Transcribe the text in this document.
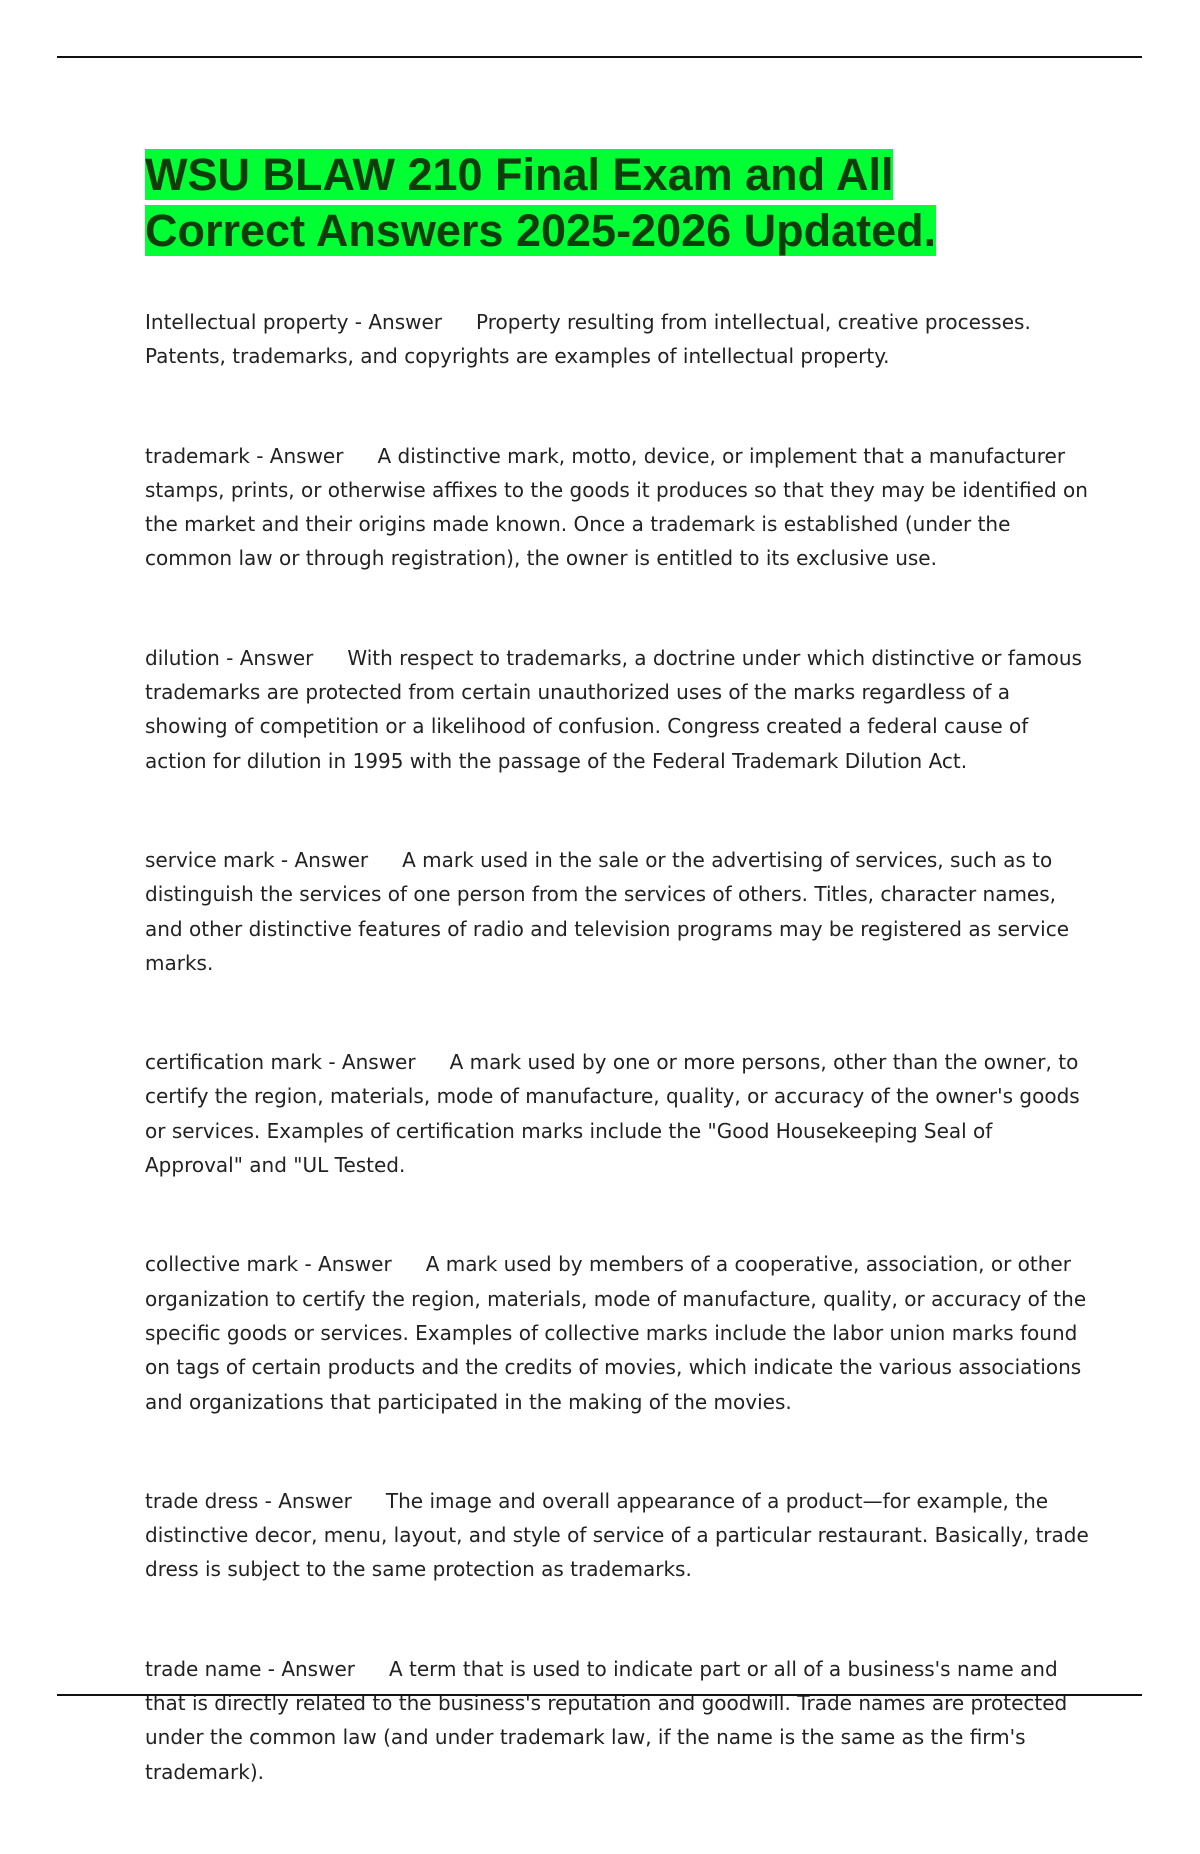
WSU BLAW 210 Final Exam and All Correct Answers 2025-2026 Updated.

Intellectual property - Answer Property resulting from intellectual, creative processes. Patents, trademarks, and copyrights are examples of intellectual property.

trademark - Answer A distinctive mark, motto, device, or implement that a manufacturer stamps, prints, or otherwise affixes to the goods it produces so that they may be identified on the market and their origins made known. Once a trademark is established (under the common law or through registration), the owner is entitled to its exclusive use.

dilution - Answer With respect to trademarks, a doctrine under which distinctive or famous trademarks are protected from certain unauthorized uses of the marks regardless of a showing of competition or a likelihood of confusion. Congress created a federal cause of action for dilution in 1995 with the passage of the Federal Trademark Dilution Act.

service mark - Answer A mark used in the sale or the advertising of services, such as to distinguish the services of one person from the services of others. Titles, character names, and other distinctive features of radio and television programs may be registered as service marks.

certification mark - Answer A mark used by one or more persons, other than the owner, to certify the region, materials, mode of manufacture, quality, or accuracy of the owner's goods or services. Examples of certification marks include the "Good Housekeeping Seal of Approval" and "UL Tested.

collective mark - Answer A mark used by members of a cooperative, association, or other organization to certify the region, materials, mode of manufacture, quality, or accuracy of the specific goods or services. Examples of collective marks include the labor union marks found on tags of certain products and the credits of movies, which indicate the various associations and organizations that participated in the making of the movies.

trade dress - Answer The image and overall appearance of a product—for example, the distinctive decor, menu, layout, and style of service of a particular restaurant. Basically, trade dress is subject to the same protection as trademarks.

trade name - Answer A term that is used to indicate part or all of a business's name and that is directly related to the business's reputation and goodwill. Trade names are protected under the common law (and under trademark law, if the name is the same as the firm's trademark).
